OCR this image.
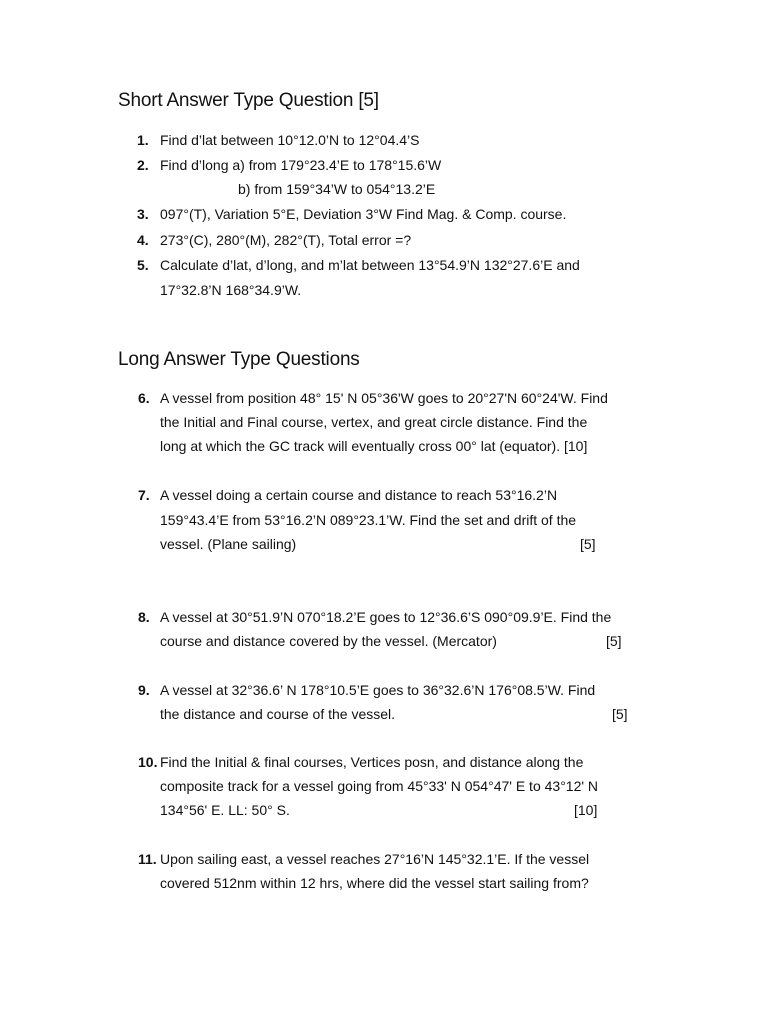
Short Answer Type Question [5]
1. Find d’lat between 10°12.0’N to 12°04.4’S
2. Find d’long a) from 179°23.4’E to 178°15.6’W
b) from 159°34’W to 054°13.2’E
3. 097°(T), Variation 5°E, Deviation 3°W Find Mag. & Comp. course.
4. 273°(C), 280°(M), 282°(T), Total error =?
5. Calculate d’lat, d’long, and m’lat between 13°54.9’N 132°27.6’E and
17°32.8’N 168°34.9’W.
Long Answer Type Questions
6. A vessel from position 48° 15' N 05°36'W goes to 20°27'N 60°24'W. Find
the Initial and Final course, vertex, and great circle distance. Find the
long at which the GC track will eventually cross 00° lat (equator). [10]
7. A vessel doing a certain course and distance to reach 53°16.2’N
159°43.4’E from 53°16.2’N 089°23.1’W. Find the set and drift of the
vessel. (Plane sailing)	[5]
8. A vessel at 30°51.9’N 070°18.2’E goes to 12°36.6’S 090°09.9’E. Find the
course and distance covered by the vessel. (Mercator)	[5]
9. A vessel at 32°36.6’ N 178°10.5’E goes to 36°32.6’N 176°08.5’W. Find
the distance and course of the vessel.	[5]
10. Find the Initial & final courses, Vertices posn, and distance along the
composite track for a vessel going from 45°33' N 054°47' E to 43°12' N
134°56' E. LL: 50° S.	[10]
11. Upon sailing east, a vessel reaches 27°16’N 145°32.1’E. If the vessel
covered 512nm within 12 hrs, where did the vessel start sailing from?
